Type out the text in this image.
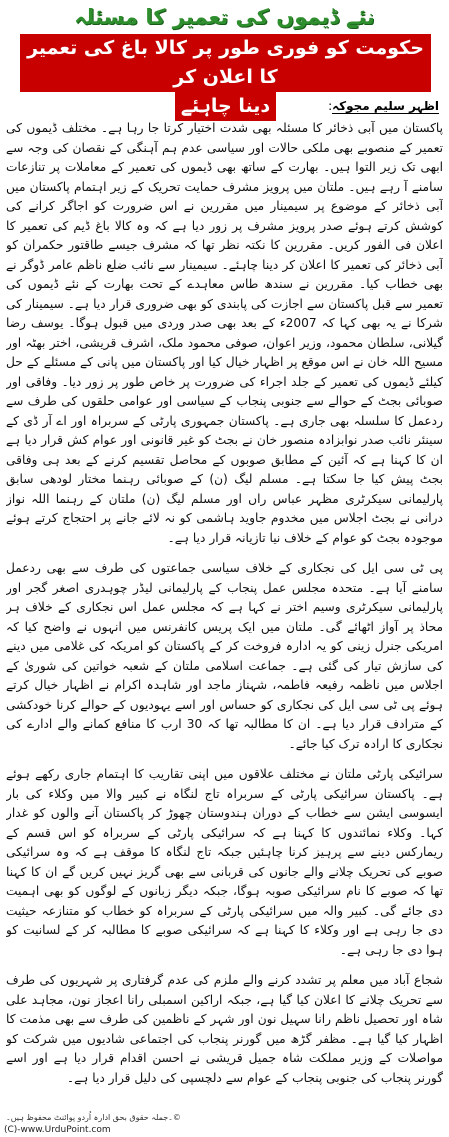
نئے ڈیموں کی تعمیر کا مسئلہ
حکومت کو فوری طور پر کالا باغ کی تعمیر کا اعلان کر
دینا چاہئے	اظہر سلیم مجوکہ:

پاکستان میں آبی ذخائر کا مسئلہ بھی شدت اختیار کرتا جا رہا ہے۔ مختلف ڈیموں کی تعمیر کے منصوبے بھی ملکی حالات اور سیاسی عدم ہم آہنگی کے نقصان کی وجہ سے ابھی تک زیر التوا ہیں۔ بھارت کے ساتھ بھی ڈیموں کی تعمیر کے معاملات پر تنازعات سامنے آ رہے ہیں۔ ملتان میں پرویز مشرف حمایت تحریک کے زیر اہتمام پاکستان میں آبی ذخائر کے موضوع پر سیمینار میں مقررین نے اس ضرورت کو اجاگر کرانے کی کوشش کرتے ہوئے صدر پرویز مشرف پر زور دیا ہے کہ وہ کالا باغ ڈیم کی تعمیر کا اعلان فی الفور کریں۔ مقررین کا نکتہ نظر تھا کہ مشرف جیسے طاقتور حکمران کو آبی ذخائر کی تعمیر کا اعلان کر دینا چاہئے۔ سیمینار سے نائب ضلع ناظم عامر ڈوگر نے بھی خطاب کیا۔ مقررین نے سندھ طاس معاہدے کے تحت بھارت کے نئے ڈیموں کی تعمیر سے قبل پاکستان سے اجازت کی پابندی کو بھی ضروری قرار دیا ہے۔ سیمینار کی شرکا نے یہ بھی کہا کہ 2007ء کے بعد بھی صدر وردی میں قبول ہوگا۔ یوسف رضا گیلانی، سلطان محمود، وزیر اعوان، صوفی محمود ملک، اشرف قریشی، اختر بھٹہ اور مسیح اللہ خان نے اس موقع پر اظہار خیال کیا اور پاکستان میں پانی کے مسئلے کے حل کیلئے ڈیموں کی تعمیر کے جلد اجراء کی ضرورت پر خاص طور پر زور دیا۔ وفاقی اور صوبائی بجٹ کے حوالے سے جنوبی پنجاب کے سیاسی اور عوامی حلقوں کی طرف سے ردعمل کا سلسلہ بھی جاری ہے۔ پاکستان جمہوری پارٹی کے سربراہ اور اے آر ڈی کے سینئر نائب صدر نوابزادہ منصور خان نے بجٹ کو غیر قانونی اور عوام کش قرار دیا ہے ان کا کہنا ہے کہ آئین کے مطابق صوبوں کے محاصل تقسیم کرنے کے بعد ہی وفاقی بجٹ پیش کیا جا سکتا ہے۔ مسلم لیگ (ن) کے صوبائی رہنما مختار لودھی سابق پارلیمانی سیکرٹری مظہر عباس راں اور مسلم لیگ (ن) ملتان کے رہنما اللہ نواز درانی نے بجٹ اجلاس میں مخدوم جاوید ہاشمی کو نہ لائے جانے پر احتجاج کرتے ہوئے موجودہ بجٹ کو عوام کے خلاف نیا تازیانہ قرار دیا ہے۔

پی ٹی سی ایل کی نجکاری کے خلاف سیاسی جماعتوں کی طرف سے بھی ردعمل سامنے آیا ہے۔ متحدہ مجلس عمل پنجاب کے پارلیمانی لیڈر چوہدری اصغر گجر اور پارلیمانی سیکرٹری وسیم اختر نے کہا ہے کہ مجلس عمل اس نجکاری کے خلاف ہر محاذ پر آواز اٹھائے گی۔ ملتان میں ایک پریس کانفرنس میں انہوں نے واضح کیا کہ امریکی جنرل زینی کو یہ ادارہ فروخت کر کے پاکستان کو امریکہ کی غلامی میں دینے کی سازش تیار کی گئی ہے۔ جماعت اسلامی ملتان کے شعبہ خواتین کی شوریٰ کے اجلاس میں ناظمہ رفیعہ فاطمہ، شہناز ماجد اور شاہدہ اکرام نے اظہار خیال کرتے ہوئے پی ٹی سی ایل کی نجکاری کو حساس اور اسے یہودیوں کے حوالے کرنا خودکشی کے مترادف قرار دیا ہے۔ ان کا مطالبہ تھا کہ 30 ارب کا منافع کمانے والے ادارے کی نجکاری کا ارادہ ترک کیا جائے۔

سرائیکی پارٹی ملتان نے مختلف علاقوں میں اپنی تقاریب کا اہتمام جاری رکھے ہوئے ہے۔ پاکستان سرائیکی پارٹی کے سربراہ تاج لنگاہ نے کبیر والا میں وکلاء کی بار ایسوسی ایشن سے خطاب کے دوران ہندوستان چھوڑ کر پاکستان آنے والوں کو غدار کہا۔ وکلاء نمائندوں کا کہنا ہے کہ سرائیکی پارٹی کے سربراہ کو اس قسم کے ریمارکس دینے سے پرہیز کرنا چاہئیں جبکہ تاج لنگاہ کا موقف ہے کہ وہ سرائیکی صوبے کی تحریک چلانے والے جانوں کی قربانی سے بھی گریز نہیں کریں گے ان کا کہنا تھا کہ صوبے کا نام سرائیکی صوبہ ہوگا، جبکہ دیگر زبانوں کے لوگوں کو بھی اہمیت دی جائے گی۔ کبیر والہ میں سرائیکی پارٹی کے سربراہ کو خطاب کو متنازعہ حیثیت دی جا رہی ہے اور وکلاء کا کہنا ہے کہ سرائیکی صوبے کا مطالبہ کر کے لسانیت کو ہوا دی جا رہی ہے۔

شجاع آباد میں معلم پر تشدد کرنے والے ملزم کی عدم گرفتاری پر شہریوں کی طرف سے تحریک چلانے کا اعلان کیا گیا ہے، جبکہ اراکین اسمبلی رانا اعجاز نون، مجاہد علی شاہ اور تحصیل ناظم رانا سہیل نون اور شہر کے ناظمین کی طرف سے بھی مذمت کا اظہار کیا گیا ہے۔ مظفر گڑھ میں گورنر پنجاب کی اجتماعی شادیوں میں شرکت کو مواصلات کے وزیر مملکت شاہ جمیل قریشی نے احسن اقدام قرار دیا ہے اور اسے گورنر پنجاب کی جنوبی پنجاب کے عوام سے دلچسپی کی دلیل قرار دیا ہے۔

©۔جملہ حقوق بحق ادارہ اُردو پوائنٹ محفوظ ہیں۔
(C)-www.UrduPoint.com
